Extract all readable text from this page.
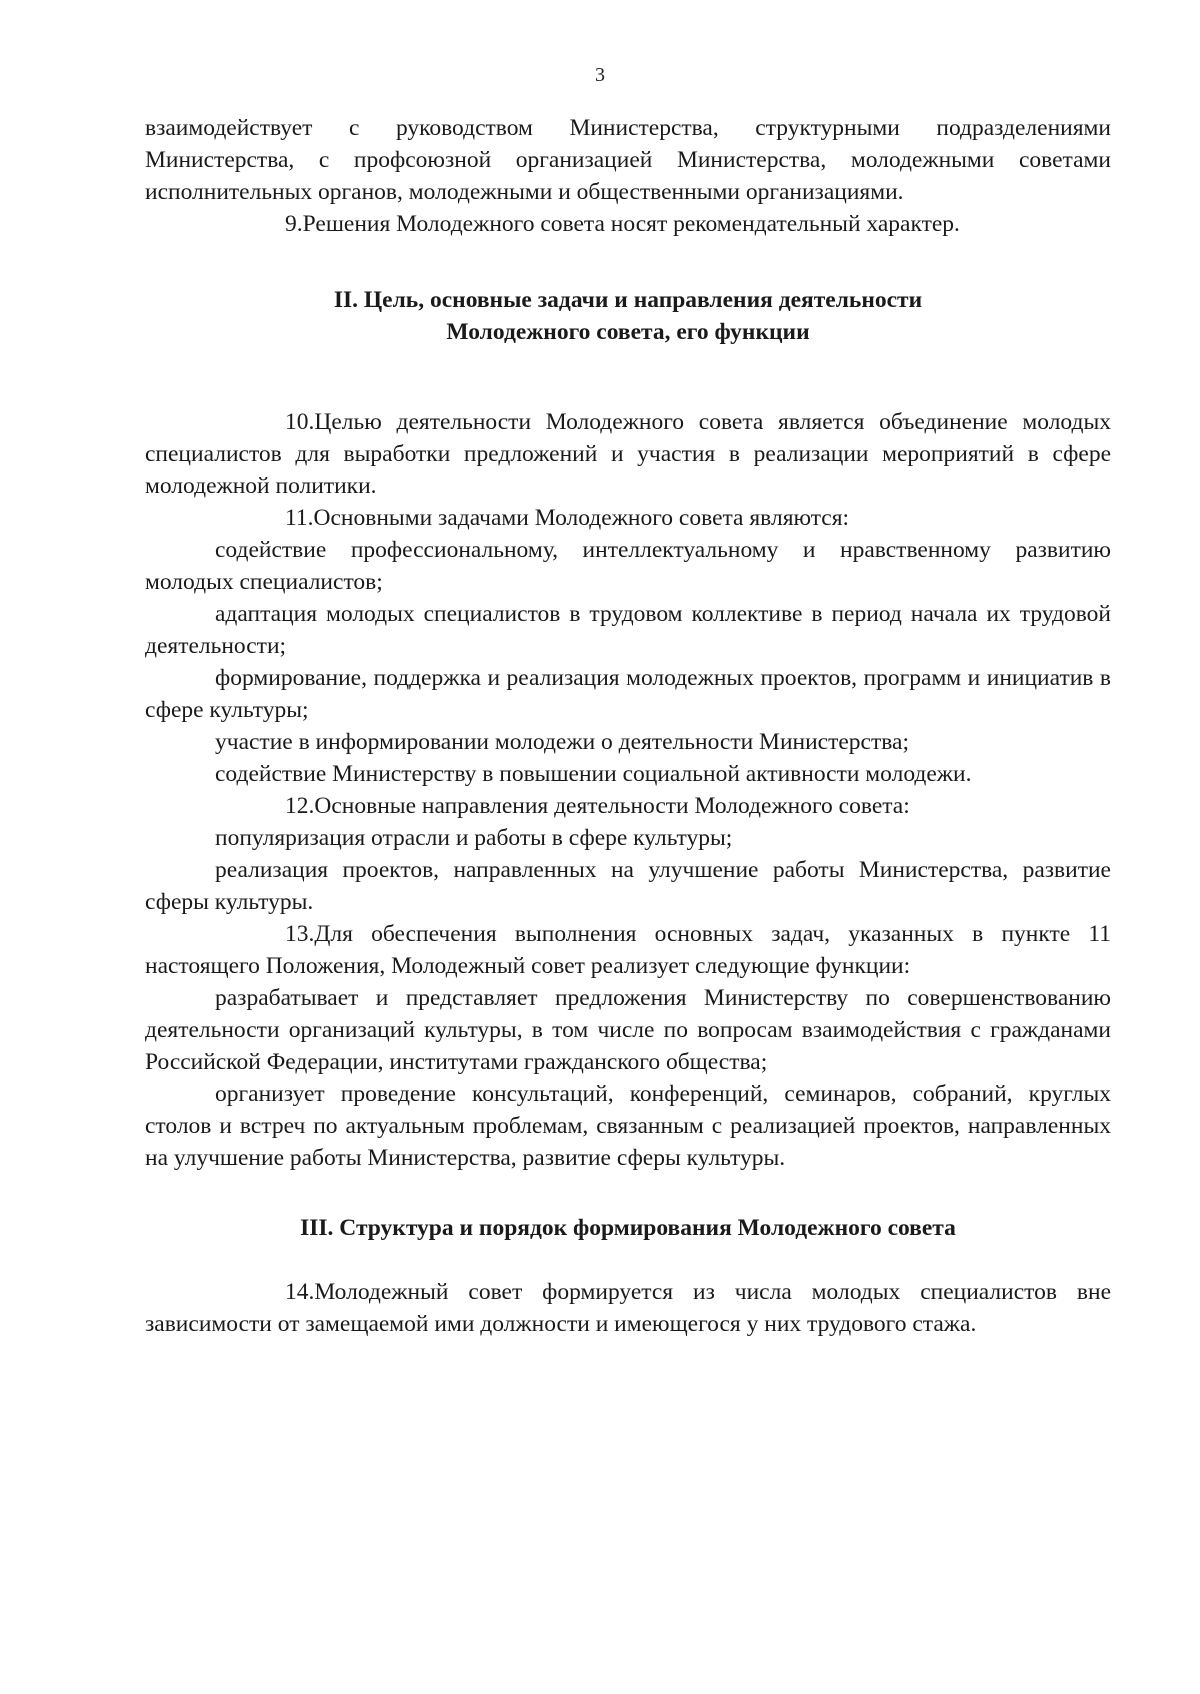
3

взаимодействует с руководством Министерства, структурными подразделениями Министерства, с профсоюзной организацией Министерства, молодежными советами исполнительных органов, молодежными и общественными организациями.

9.Решения Молодежного совета носят рекомендательный характер.

II. Цель, основные задачи и направления деятельности

Молодежного совета, его функции

10.Целью деятельности Молодежного совета является объединение молодых специалистов для выработки предложений и участия в реализации мероприятий в сфере молодежной политики.

11.Основными задачами Молодежного совета являются:

содействие профессиональному, интеллектуальному и нравственному развитию молодых специалистов;

адаптация молодых специалистов в трудовом коллективе в период начала их трудовой деятельности;

формирование, поддержка и реализация молодежных проектов, программ и инициатив в сфере культуры;

участие в информировании молодежи о деятельности Министерства;

содействие Министерству в повышении социальной активности молодежи.

12.Основные направления деятельности Молодежного совета:

популяризация отрасли и работы в сфере культуры;

реализация проектов, направленных на улучшение работы Министерства, развитие сферы культуры.

13.Для обеспечения выполнения основных задач, указанных в пункте 11 настоящего Положения, Молодежный совет реализует следующие функции:

разрабатывает и представляет предложения Министерству по совершенствованию деятельности организаций культуры, в том числе по вопросам взаимодействия с гражданами Российской Федерации, институтами гражданского общества;

организует проведение консультаций, конференций, семинаров, собраний, круглых столов и встреч по актуальным проблемам, связанным с реализацией проектов, направленных на улучшение работы Министерства, развитие сферы культуры.

III. Структура и порядок формирования Молодежного совета

14.Молодежный совет формируется из числа молодых специалистов вне зависимости от замещаемой ими должности и имеющегося у них трудового стажа.
